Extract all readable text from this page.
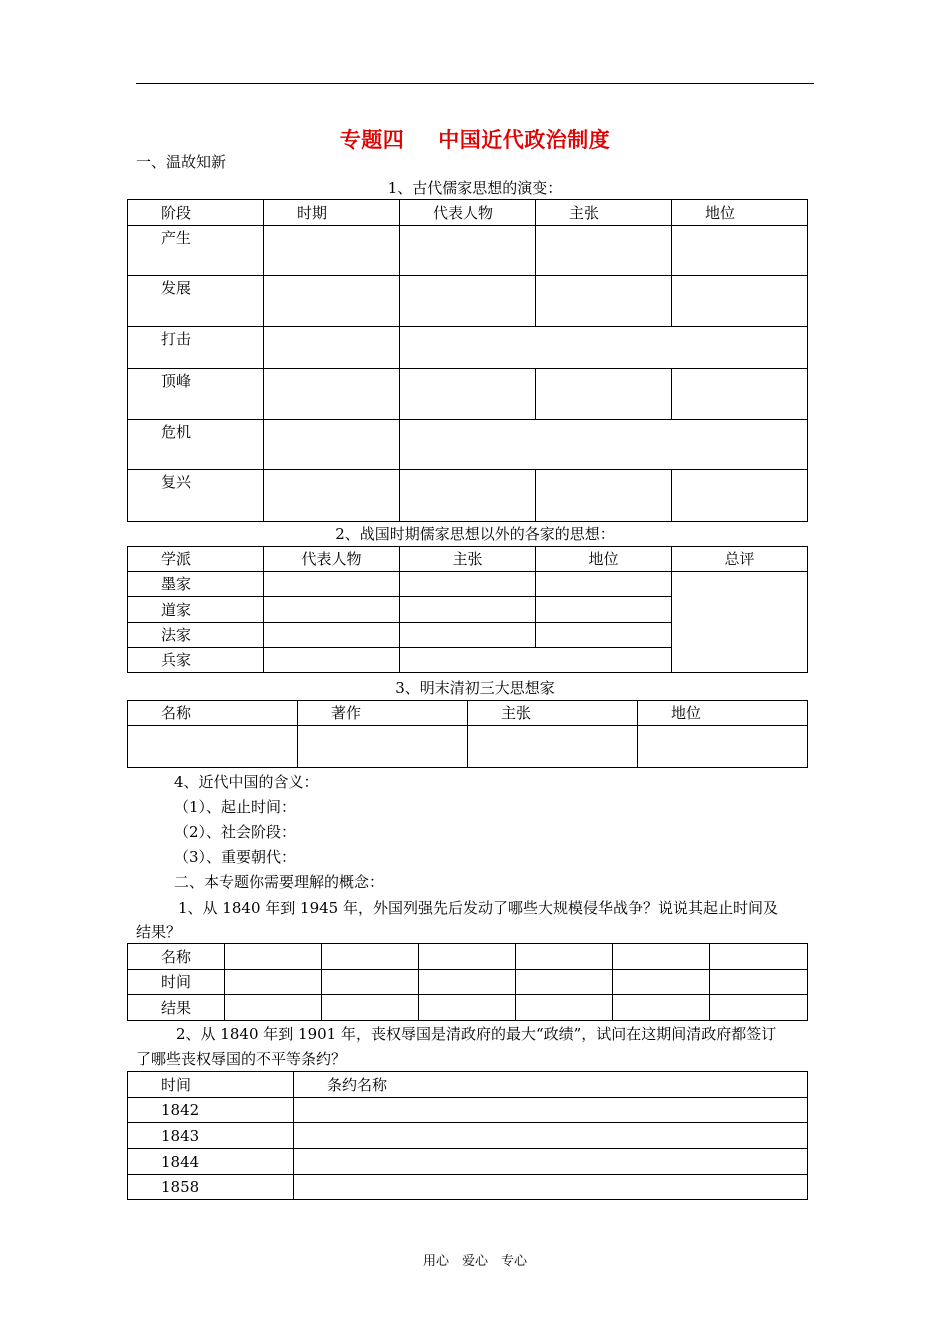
专题四 中国近代政治制度
一、温故知新
1、古代儒家思想的演变：
阶段	时期	代表人物	主张	地位
产生				
发展				
打击				
顶峰				
危机				
复兴				
2、战国时期儒家思想以外的各家的思想：
学派	代表人物	主张	地位	总评
墨家				
道家				
法家				
兵家				
3、明末清初三大思想家
名称	著作	主张	地位

4、近代中国的含义：
（1）、起止时间：
（2）、社会阶段：
（3）、重要朝代：
二、本专题你需要理解的概念：
1、从 1840 年到 1945 年，外国列强先后发动了哪些大规模侵华战争？说说其起止时间及
结果？
名称						
时间						
结果						
2、从 1840 年到 1901 年，丧权辱国是清政府的最大“政绩”，试问在这期间清政府都签订
了哪些丧权辱国的不平等条约？
时间	条约名称
1842	
1843	
1844	
1858	
用心　爱心　专心
